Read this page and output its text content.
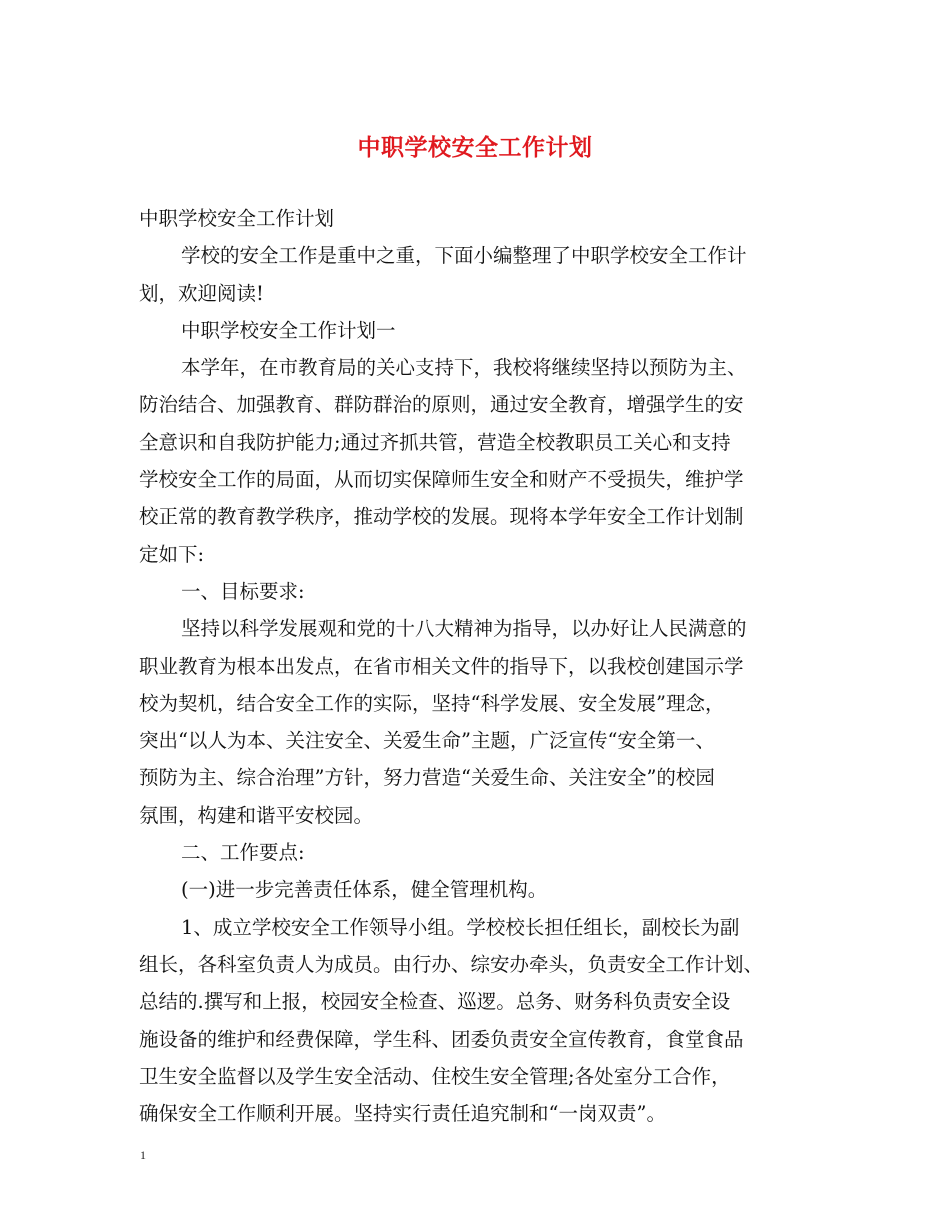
中职学校安全工作计划

中职学校安全工作计划

学校的安全工作是重中之重，下面小编整理了中职学校安全工作计

划，欢迎阅读!

中职学校安全工作计划一

本学年，在市教育局的关心支持下，我校将继续坚持以预防为主、

防治结合、加强教育、群防群治的原则，通过安全教育，增强学生的安

全意识和自我防护能力;通过齐抓共管，营造全校教职员工关心和支持

学校安全工作的局面，从而切实保障师生安全和财产不受损失，维护学

校正常的教育教学秩序，推动学校的发展。现将本学年安全工作计划制

定如下:

一、目标要求:

坚持以科学发展观和党的十八大精神为指导，以办好让人民满意的

职业教育为根本出发点，在省市相关文件的指导下，以我校创建国示学

校为契机，结合安全工作的实际，坚持“科学发展、安全发展”理念，

突出“以人为本、关注安全、关爱生命”主题，广泛宣传“安全第一、

预防为主、综合治理”方针，努力营造“关爱生命、关注安全”的校园

氛围，构建和谐平安校园。

二、工作要点:

(一)进一步完善责任体系，健全管理机构。

1、成立学校安全工作领导小组。学校校长担任组长，副校长为副

组长，各科室负责人为成员。由行办、综安办牵头，负责安全工作计划、

总结的.撰写和上报，校园安全检查、巡逻。总务、财务科负责安全设

施设备的维护和经费保障，学生科、团委负责安全宣传教育，食堂食品

卫生安全监督以及学生安全活动、住校生安全管理;各处室分工合作，

确保安全工作顺利开展。坚持实行责任追究制和“一岗双责”。

1
